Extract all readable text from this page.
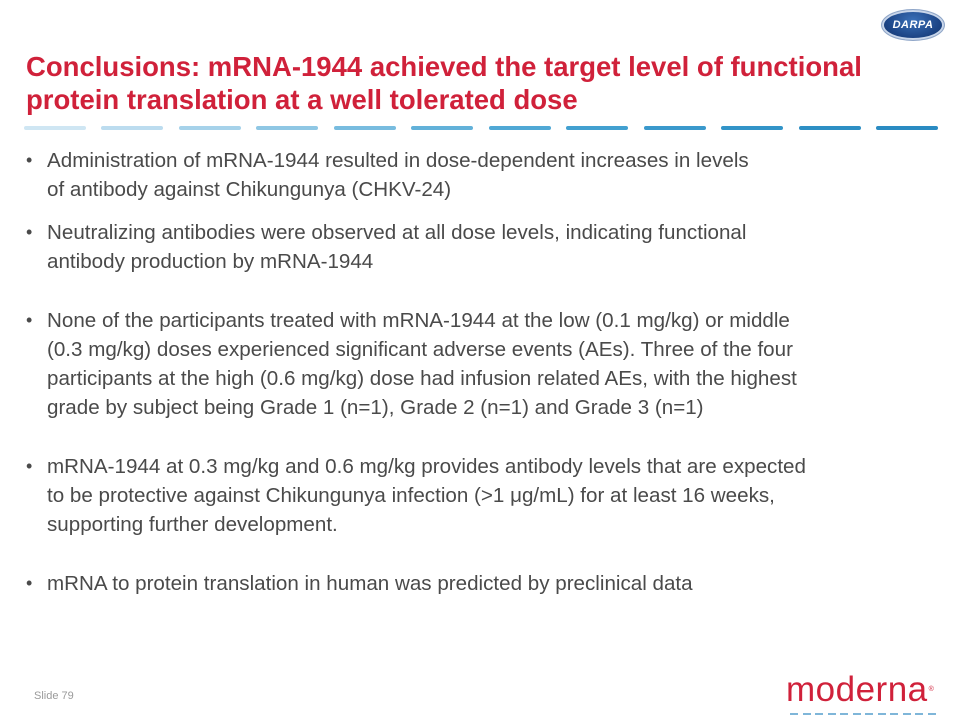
DARPA
Conclusions: mRNA-1944 achieved the target level of functional
protein translation at a well tolerated dose
• Administration of mRNA-1944 resulted in dose-dependent increases in levels
of antibody against Chikungunya (CHKV-24)
• Neutralizing antibodies were observed at all dose levels, indicating functional
antibody production by mRNA-1944
• None of the participants treated with mRNA-1944 at the low (0.1 mg/kg) or middle
(0.3 mg/kg) doses experienced significant adverse events (AEs). Three of the four
participants at the high (0.6 mg/kg) dose had infusion related AEs, with the highest
grade by subject being Grade 1 (n=1), Grade 2 (n=1) and Grade 3 (n=1)
• mRNA-1944 at 0.3 mg/kg and 0.6 mg/kg provides antibody levels that are expected
to be protective against Chikungunya infection (>1 μg/mL) for at least 16 weeks,
supporting further development.
• mRNA to protein translation in human was predicted by preclinical data
Slide 79	moderna®
